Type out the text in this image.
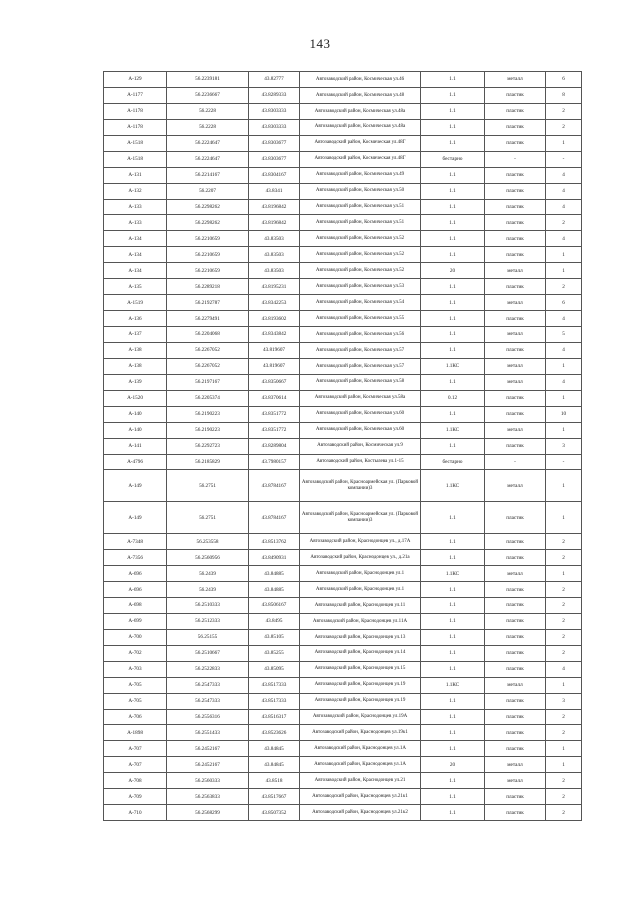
143
A-129	56.2239181	43.82777	Автозаводский район, Космическая ул.46	1.1	металл	6
A-1177	56.2236667	43.8289333	Автозаводский район, Космическая ул.48	1.1	пластик	8
A-1178	56.2228	43.8303333	Автозаводский район, Космическая ул.48а	1.1	пластик	2
A-1178	56.2228	43.8303333	Автозаводский район, Космическая ул.48а	1.1	пластик	2
A-1518	56.2224647	43.8303677	Автозаводский район, Космическая ул.48Г	1.1	пластик	1
A-1518	56.2224647	43.8303677	Автозаводский район, Космическая ул.48Г	бестарно	-	-
A-131	56.2214167	43.8304167	Автозаводский район, Космическая ул.49	1.1	пластик	4
A-132	56.2207	43.8341	Автозаводский район, Космическая ул.50	1.1	пластик	4
A-133	56.2298262	43.8196842	Автозаводский район, Космическая ул.51	1.1	пластик	4
A-133	56.2298262	43.8196842	Автозаводский район, Космическая ул.51	1.1	пластик	2
A-134	56.2210659	43.83503	Автозаводский район, Космическая ул.52	1.1	пластик	4
A-134	56.2210659	43.83503	Автозаводский район, Космическая ул.52	1.1	пластик	1
A-134	56.2210659	43.83503	Автозаводский район, Космическая ул.52	20	металл	1
A-135	56.2289218	43.8195231	Автозаводский район, Космическая ул.53	1.1	пластик	2
A-1519	56.2192787	43.8342253	Автозаводский район, Космическая ул.54	1.1	металл	6
A-136	56.2279491	43.8193602	Автозаводский район, Космическая ул.55	1.1	пластик	4
A-137	56.2204068	43.8343842	Автозаводский район, Космическая ул.56	1.1	металл	5
A-138	56.2267052	43.819607	Автозаводский район, Космическая ул.57	1.1	пластик	4
A-138	56.2267052	43.819607	Автозаводский район, Космическая ул.57	1.1КС	металл	1
A-139	56.2197167	43.8350667	Автозаводский район, Космическая ул.58	1.1	металл	4
A-1520	56.2205374	43.8370614	Автозаводский район, Космическая ул.58а	0.12	пластик	1
A-140	56.2190223	43.8351772	Автозаводский район, Космическая ул.60	1.1	пластик	10
A-140	56.2190223	43.8351772	Автозаводский район, Космическая ул.60	1.1КС	металл	1
A-141	56.2292723	43.8289804	Автозаводский район, Космическая ул.9	1.1	пластик	3
A-4796	56.2185829	43.7980157	Автозаводский район, Костылева ул.1-15	бестарно	-	-
A-149	56.2751	43.8784167	Автозаводский район, Красноармейская ул. (Парковой компании)3	1.1КС	металл	1
A-149	56.2751	43.8784167	Автозаводский район, Красноармейская ул. (Парковой компании)3	1.1	пластик	1
A-7348	56.253558	43.8513762	Автозаводский район, Краснодонцев ул., д.17А	1.1	пластик	2
A-7356	56.2560956	43.8490931	Автозаводский район, Краснодонцев ул., д.21а	1.1	пластик	2
A-696	56.2439	43.84885	Автозаводский район, Краснодонцев ул.1	1.1КС	металл	1
A-696	56.2439	43.84885	Автозаводский район, Краснодонцев ул.1	1.1	пластик	2
A-698	56.2510333	43.8506167	Автозаводский район, Краснодонцев ул.11	1.1	пластик	2
A-699	56.2512333	43.8495	Автозаводский район, Краснодонцев ул.11А	1.1	пластик	2
A-700	56.25155	43.85105	Автозаводский район, Краснодонцев ул.13	1.1	пластик	2
A-702	56.2510667	43.85255	Автозаводский район, Краснодонцев ул.14	1.1	пластик	2
A-703	56.2522833	43.85095	Автозаводский район, Краснодонцев ул.15	1.1	пластик	4
A-705	56.2547333	43.8517333	Автозаводский район, Краснодонцев ул.19	1.1КС	металл	1
A-705	56.2547333	43.8517333	Автозаводский район, Краснодонцев ул.19	1.1	пластик	3
A-706	56.2556316	43.8516317	Автозаводский район, Краснодонцев ул.19А	1.1	пластик	2
A-1898	56.2551433	43.8523626	Автозаводский район, Краснодонцев ул.19к1	1.1	пластик	2
A-707	56.2452167	43.84845	Автозаводский район, Краснодонцев ул.1А	1.1	пластик	1
A-707	56.2452167	43.84845	Автозаводский район, Краснодонцев ул.1А	20	металл	1
A-708	56.2560333	43.8518	Автозаводский район, Краснодонцев ул.21	1.1	металл	2
A-709	56.2563833	43.8517667	Автозаводский район, Краснодонцев ул.21к1	1.1	пластик	2
A-710	56.2568299	43.8507352	Автозаводский район, Краснодонцев ул.21к2	1.1	пластик	2
